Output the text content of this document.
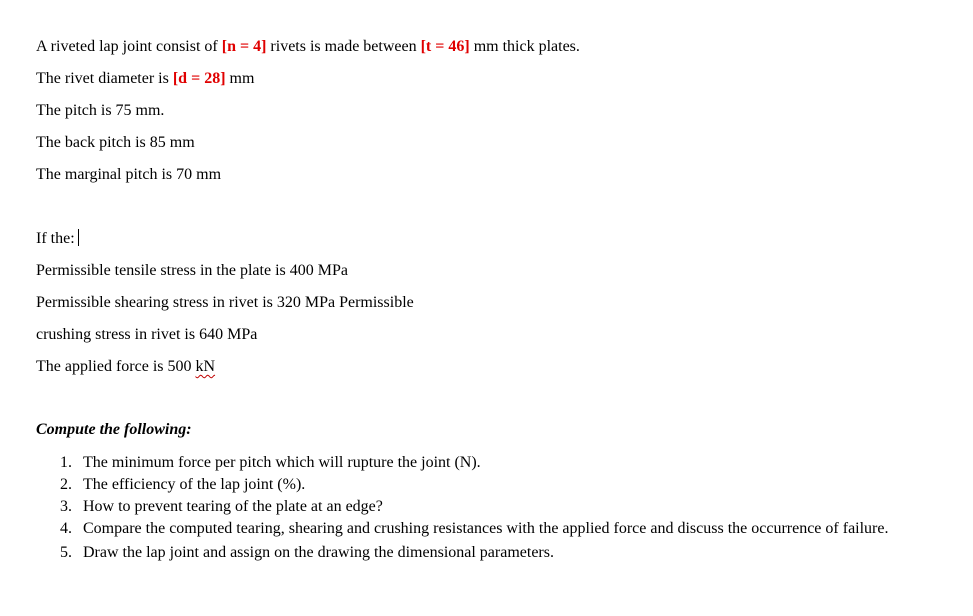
A riveted lap joint consist of [n = 4] rivets is made between [t = 46] mm thick plates.
The rivet diameter is [d = 28] mm
The pitch is 75 mm.
The back pitch is 85 mm
The marginal pitch is 70 mm
If the:
Permissible tensile stress in the plate is 400 MPa
Permissible shearing stress in rivet is 320 MPa Permissible
crushing stress in rivet is 640 MPa
The applied force is 500 kN
Compute the following:
1. The minimum force per pitch which will rupture the joint (N).
2. The efficiency of the lap joint (%).
3. How to prevent tearing of the plate at an edge?
4. Compare the computed tearing, shearing and crushing resistances with the applied force and discuss the occurrence of failure.
5. Draw the lap joint and assign on the drawing the dimensional parameters.
